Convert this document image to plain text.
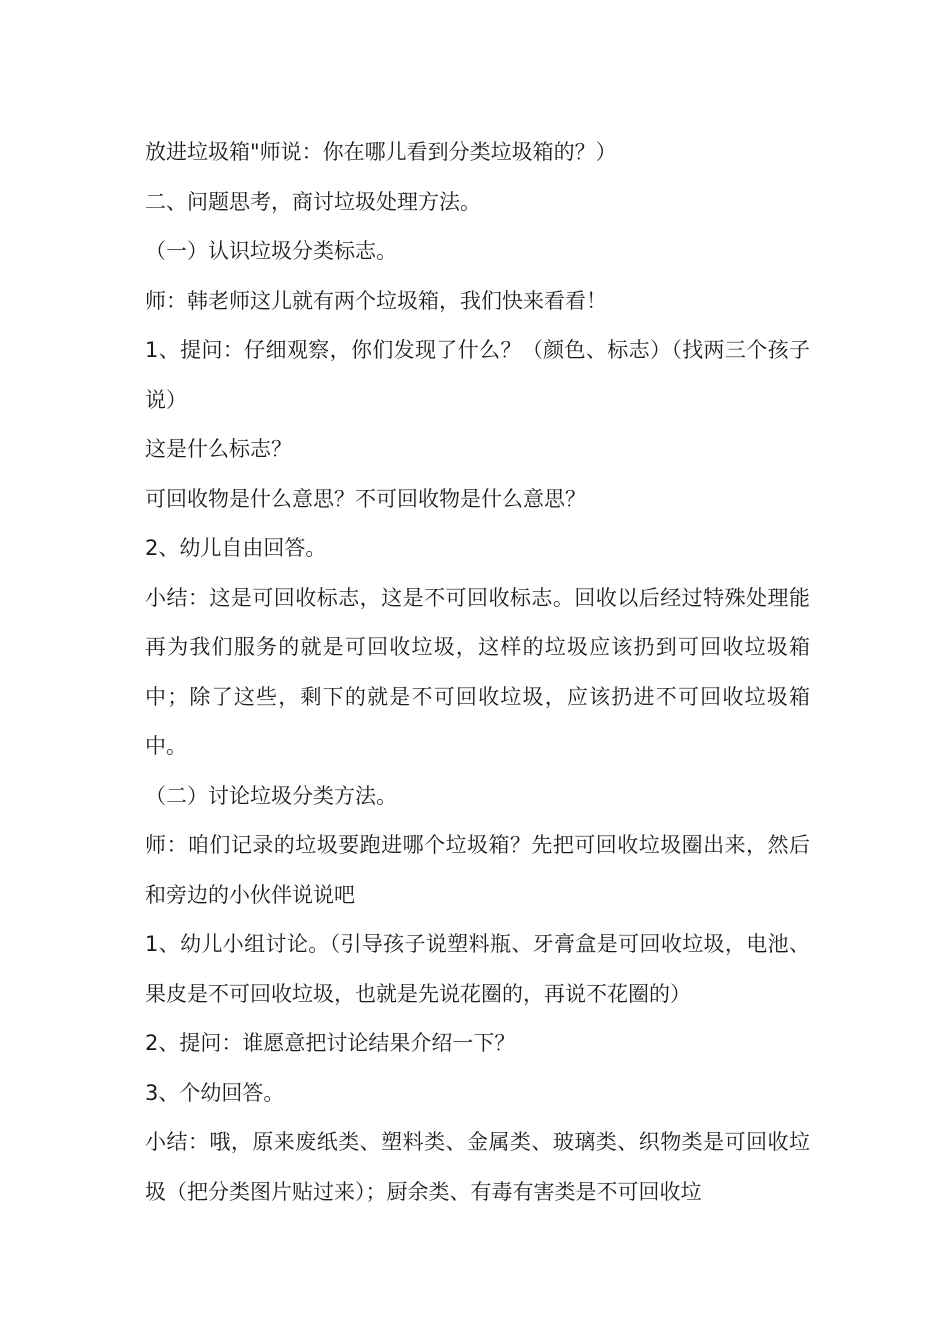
放进垃圾箱"师说：你在哪儿看到分类垃圾箱的？）

二、问题思考，商讨垃圾处理方法。

（一）认识垃圾分类标志。

师：韩老师这儿就有两个垃圾箱，我们快来看看！

1、提问：仔细观察，你们发现了什么？（颜色、标志）（找两三个孩子说）

这是什么标志？

可回收物是什么意思？不可回收物是什么意思？

2、幼儿自由回答。

小结：这是可回收标志，这是不可回收标志。回收以后经过特殊处理能再为我们服务的就是可回收垃圾，这样的垃圾应该扔到可回收垃圾箱中；除了这些，剩下的就是不可回收垃圾，应该扔进不可回收垃圾箱中。

（二）讨论垃圾分类方法。

师：咱们记录的垃圾要跑进哪个垃圾箱？先把可回收垃圾圈出来，然后和旁边的小伙伴说说吧

1、幼儿小组讨论。（引导孩子说塑料瓶、牙膏盒是可回收垃圾，电池、果皮是不可回收垃圾，也就是先说花圈的，再说不花圈的）

2、提问：谁愿意把讨论结果介绍一下？

3、个幼回答。

小结：哦，原来废纸类、塑料类、金属类、玻璃类、织物类是可回收垃圾（把分类图片贴过来）；厨余类、有毒有害类是不可回收垃
